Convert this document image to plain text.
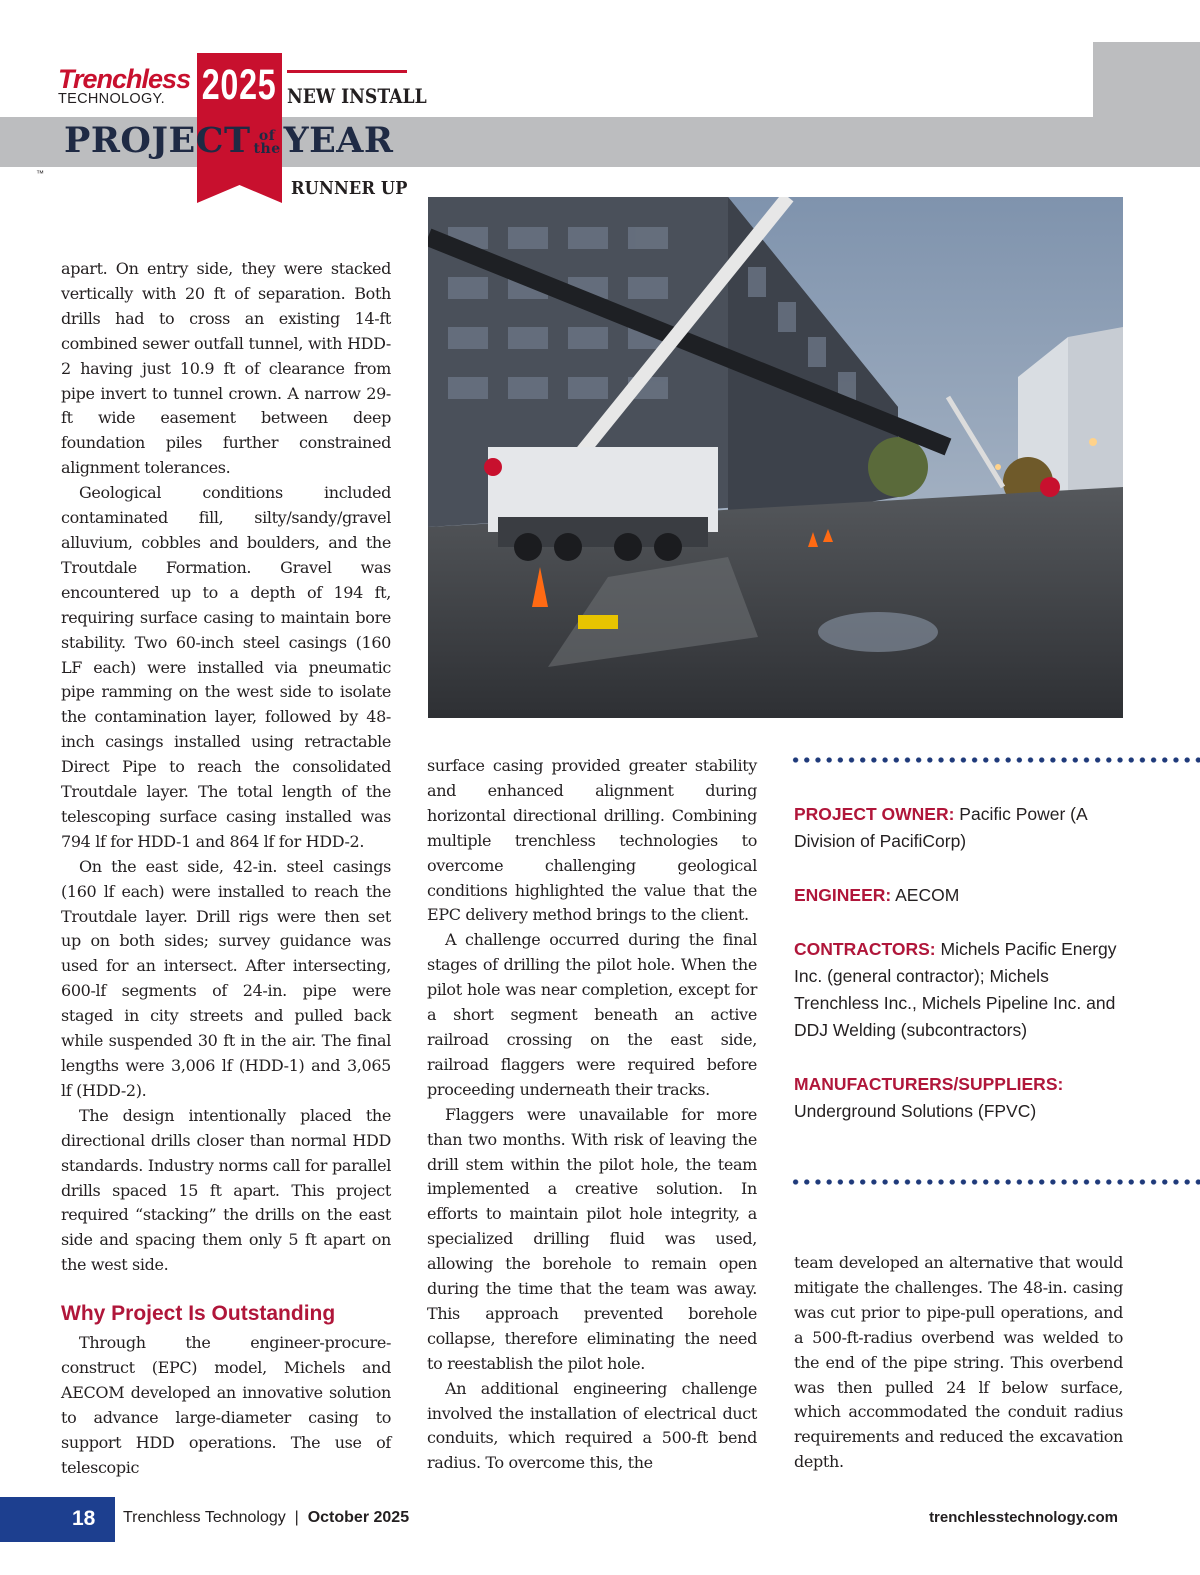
Trenchless
TECHNOLOGY. 2025 NEW INSTALL
PROJECT of
theYEAR
™
RUNNER UP

apart. On entry side, they were stacked vertically with 20 ft of separation. Both drills had to cross an existing 14-ft combined sewer outfall tunnel, with HDD-2 having just 10.9 ft of clearance from pipe invert to tunnel crown. A narrow 29-ft wide easement between deep foundation piles further constrained alignment tolerances.

Geological conditions included contaminated fill, silty/sandy/gravel alluvium, cobbles and boulders, and the Troutdale Formation. Gravel was encountered up to a depth of 194 ft, requiring surface casing to maintain bore stability. Two 60-inch steel casings (160 LF each) were installed via pneumatic pipe ramming on the west side to isolate the contamination layer, followed by 48-inch casings installed using retractable Direct Pipe to reach the consolidated Troutdale layer. The total length of the telescoping surface casing installed was 794 lf for HDD-1 and 864 lf for HDD-2.

On the east side, 42-in. steel casings (160 lf each) were installed to reach the Troutdale layer. Drill rigs were then set up on both sides; survey guidance was used for an intersect. After intersecting, 600-lf segments of 24-in. pipe were staged in city streets and pulled back while suspended 30 ft in the air. The final lengths were 3,006 lf (HDD-1) and 3,065 lf (HDD-2).

The design intentionally placed the directional drills closer than normal HDD standards. Industry norms call for parallel drills spaced 15 ft apart. This project required “stacking” the drills on the east side and spacing them only 5 ft apart on the west side.

Why Project Is Outstanding

Through the engineer-procure-construct (EPC) model, Michels and AECOM developed an innovative solution to advance large-diameter casing to support HDD operations. The use of telescopic

surface casing provided greater stability and enhanced alignment during horizontal directional drilling. Combining multiple trenchless technologies to overcome challenging geological conditions highlighted the value that the EPC delivery method brings to the client.

A challenge occurred during the final stages of drilling the pilot hole. When the pilot hole was near completion, except for a short segment beneath an active railroad crossing on the east side, railroad flaggers were required before proceeding underneath their tracks.

Flaggers were unavailable for more than two months. With risk of leaving the drill stem within the pilot hole, the team implemented a creative solution. In efforts to maintain pilot hole integrity, a specialized drilling fluid was used, allowing the borehole to remain open during the time that the team was away. This approach prevented borehole collapse, therefore eliminating the need to reestablish the pilot hole.

An additional engineering challenge involved the installation of electrical duct conduits, which required a 500-ft bend radius. To overcome this, the

PROJECT OWNER: Pacific Power (A Division of PacifiCorp)
ENGINEER: AECOM
CONTRACTORS: Michels Pacific Energy Inc. (general contractor); Michels Trenchless Inc., Michels Pipeline Inc. and DDJ Welding (subcontractors)
MANUFACTURERS/SUPPLIERS:
Underground Solutions (FPVC)

team developed an alternative that would mitigate the challenges. The 48-in. casing was cut prior to pipe-pull operations, and a 500-ft-radius overbend was welded to the end of the pipe string. This overbend was then pulled 24 lf below surface, which accommodated the conduit radius requirements and reduced the excavation depth.

18 Trenchless Technology | October 2025	trenchlesstechnology.com
